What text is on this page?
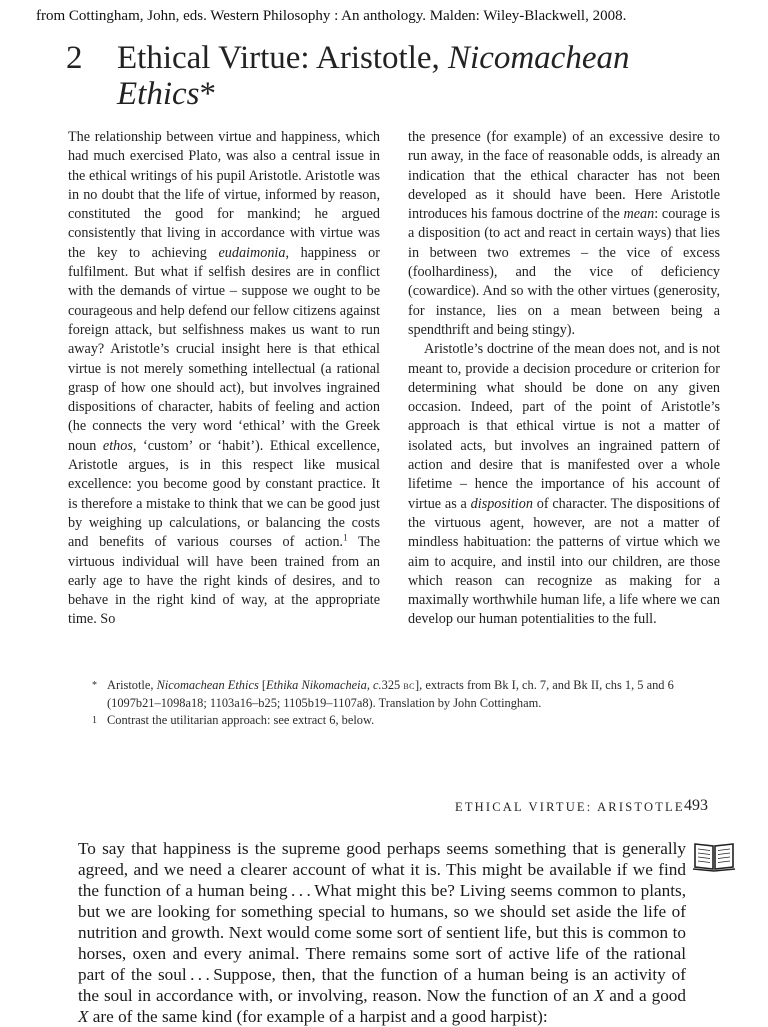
from Cottingham, John, eds. Western Philosophy : An anthology. Malden: Wiley-Blackwell, 2008.
2 Ethical Virtue: Aristotle, Nicomachean Ethics*

The relationship between virtue and happiness, which had much exercised Plato, was also a central issue in the ethical writings of his pupil Aristotle. Aristotle was in no doubt that the life of virtue, informed by reason, constituted the good for mankind; he argued consistently that living in accordance with virtue was the key to achieving eudaimonia, happiness or fulfilment. But what if selfish desires are in conflict with the demands of virtue – suppose we ought to be courageous and help defend our fellow citizens against foreign attack, but selfishness makes us want to run away? Aristotle’s crucial insight here is that ethical virtue is not merely something intellectual (a rational grasp of how one should act), but involves ingrained dispositions of character, habits of feeling and action (he connects the very word ‘ethical’ with the Greek noun ethos, ‘custom’ or ‘habit’). Ethical excellence, Aristotle argues, is in this respect like musical excellence: you become good by constant practice. It is therefore a mistake to think that we can be good just by weighing up calculations, or balancing the costs and benefits of various courses of action.$^1$ The virtuous individual will have been trained from an early age to have the right kinds of desires, and to behave in the right kind of way, at the appropriate time. So

the presence (for example) of an excessive desire to run away, in the face of reasonable odds, is already an indication that the ethical character has not been developed as it should have been. Here Aristotle introduces his famous doctrine of the mean: courage is a disposition (to act and react in certain ways) that lies in between two extremes – the vice of excess (foolhardiness), and the vice of deficiency (cowardice). And so with the other virtues (generosity, for instance, lies on a mean between being a spendthrift and being stingy).

Aristotle’s doctrine of the mean does not, and is not meant to, provide a decision procedure or criterion for determining what should be done on any given occasion. Indeed, part of the point of Aristotle’s approach is that ethical virtue is not a matter of isolated acts, but involves an ingrained pattern of action and desire that is manifested over a whole lifetime – hence the importance of his account of virtue as a disposition of character. The dispositions of the virtuous agent, however, are not a matter of mindless habituation: the patterns of virtue which we aim to acquire, and instil into our children, are those which reason can recognize as making for a maximally worthwhile human life, a life where we can develop our human potentialities to the full.

* Aristotle, Nicomachean Ethics [Ethika Nikomacheia, c.325 bc], extracts from Bk I, ch. 7, and Bk II, chs 1, 5 and 6 (1097b21–1098a18; 1103a16–b25; 1105b19–1107a8). Translation by John Cottingham.
1 Contrast the utilitarian approach: see extract 6, below.
ETHICAL VIRTUE: ARISTOTLE 493
To say that happiness is the supreme good perhaps seems something that is generally agreed, and we need a clearer account of what it is. This might be available if we find the function of a human being . . . What might this be? Living seems common to plants, but we are looking for something special to humans, so we should set aside the life of nutrition and growth. Next would come some sort of sentient life, but this is common to horses, oxen and every animal. There remains some sort of active life of the rational part of the soul . . . Suppose, then, that the function of a human being is an activity of the soul in accordance with, or involving, reason. Now the function of an X and a good X are of the same kind (for example of a harpist and a good harpist):
